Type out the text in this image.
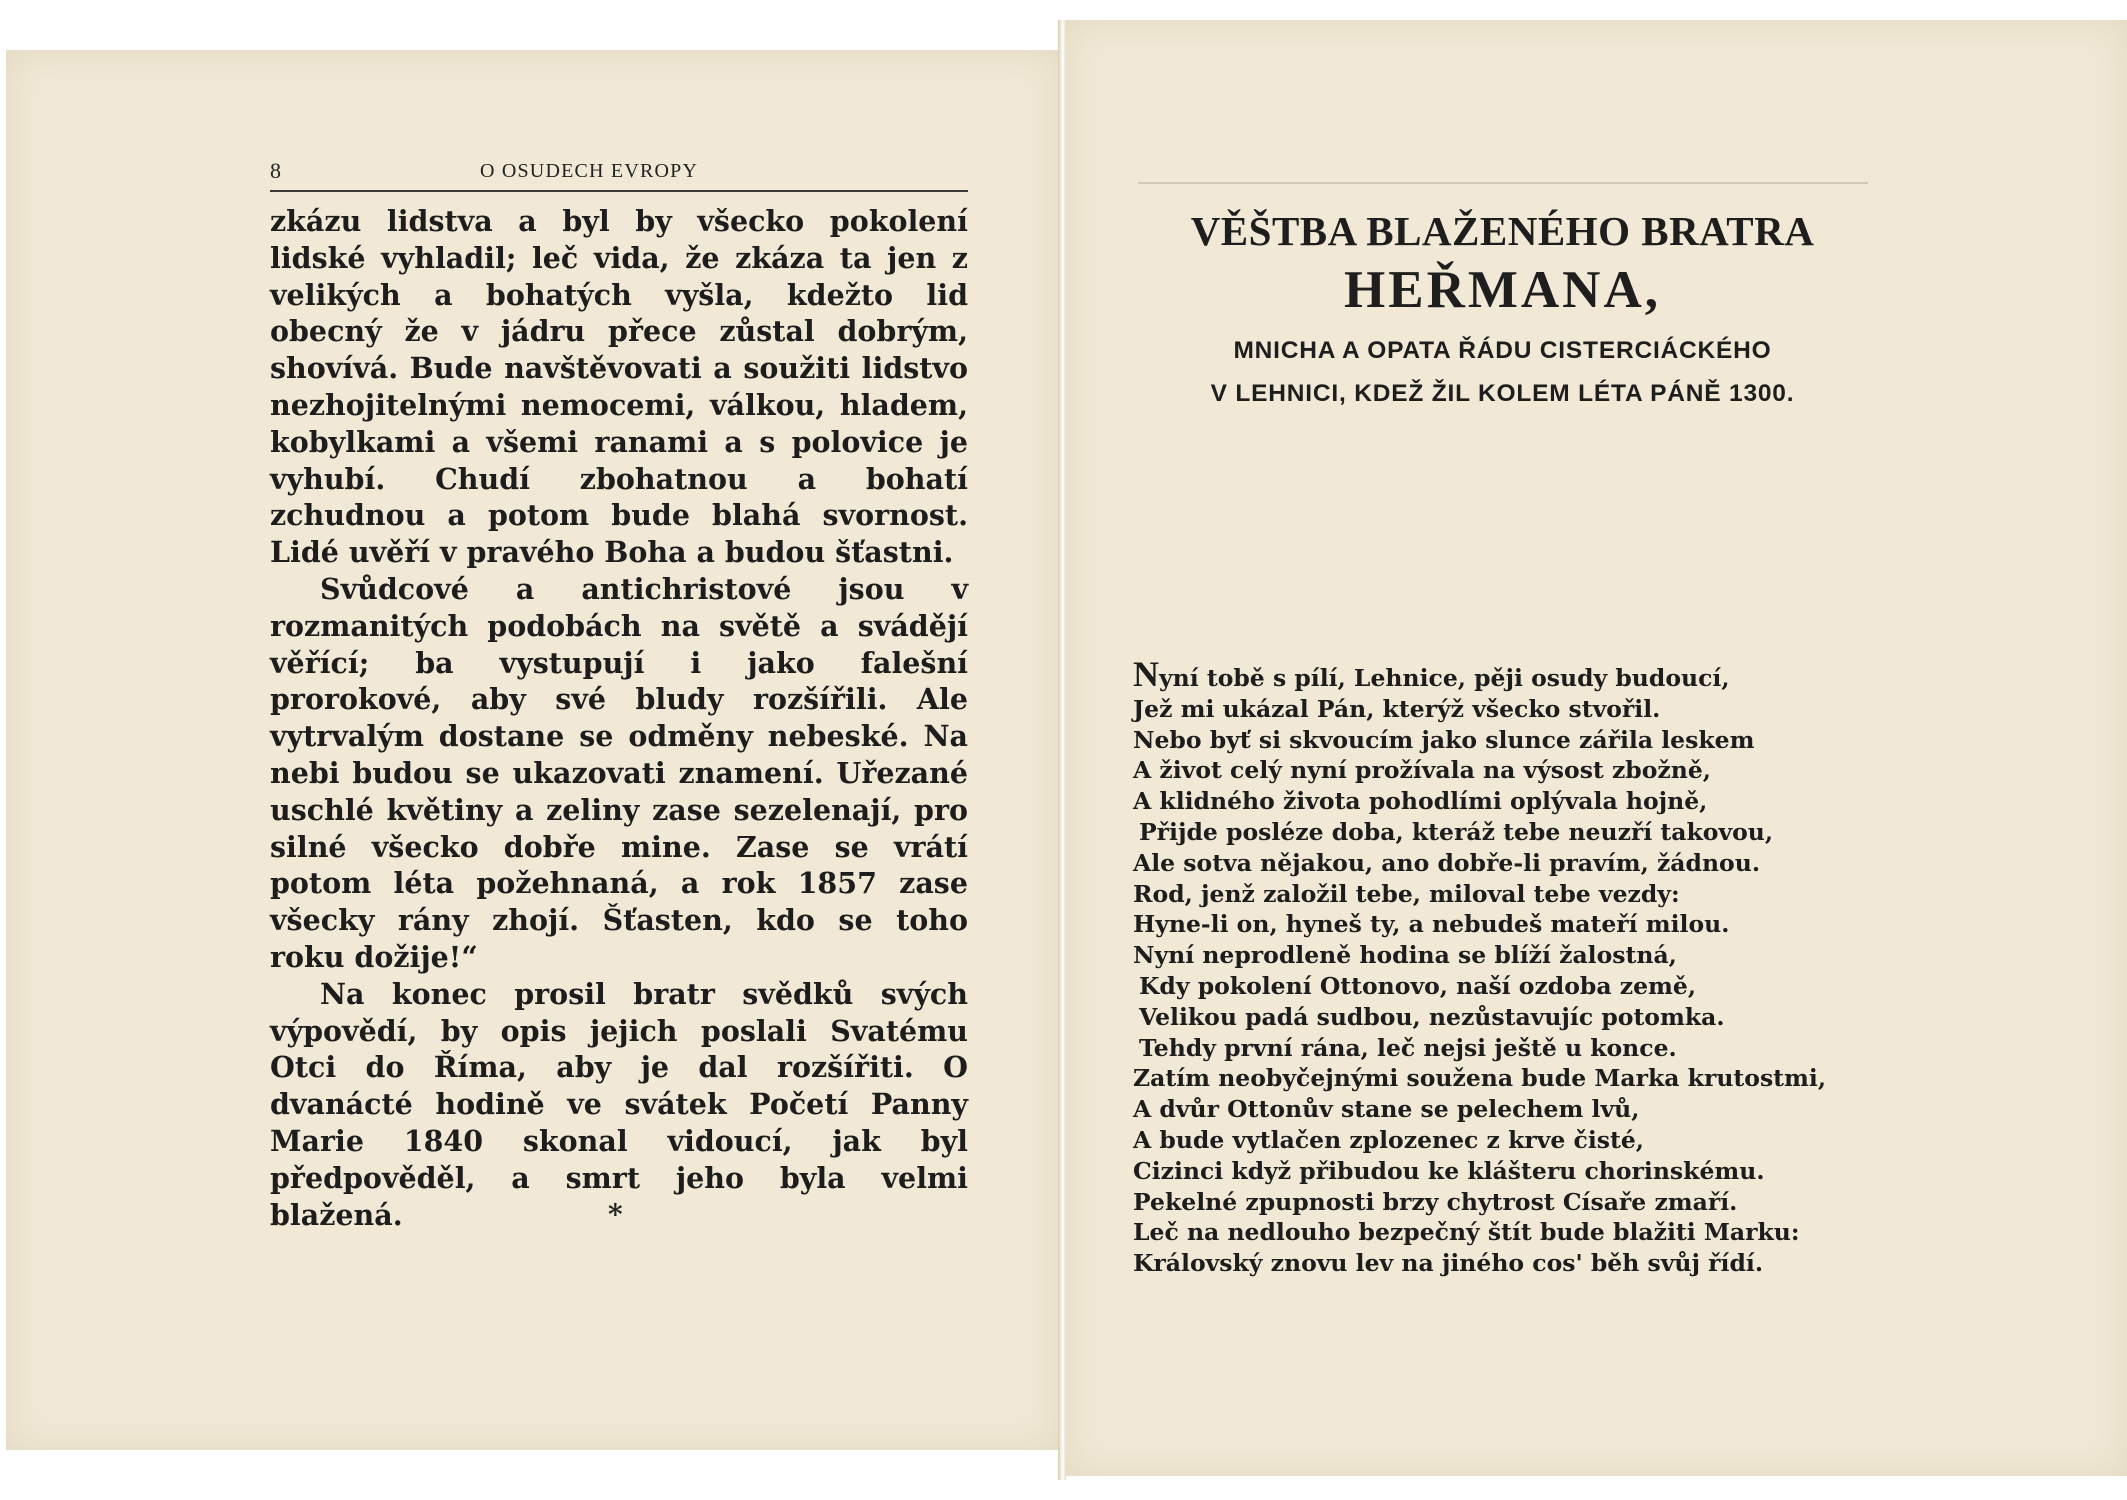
8	O OSUDECH EVROPY

zkázu lidstva a byl by všecko pokolení lidské vyhladil; leč vida, že zkáza ta jen z velikých a bohatých vyšla, kdežto lid obecný že v jádru přece zůstal dobrým, shovívá. Bude navštěvovati a soužiti lidstvo nezhojitelnými nemocemi, válkou, hladem, kobylkami a všemi ranami a s polovice je vyhubí. Chudí zbohatnou a bohatí zchudnou a potom bude blahá svornost. Lidé uvěří v pravého Boha a budou šťastni.

Svůdcové a antichristové jsou v rozmanitých podobách na světě a svádějí věřící; ba vystupují i jako falešní prorokové, aby své bludy rozšířili. Ale vytrvalým dostane se odměny nebeské. Na nebi budou se ukazovati znamení. Uřezané uschlé květiny a zeliny zase sezelenají, pro silné všecko dobře mine. Zase se vrátí potom léta požehnaná, a rok 1857 zase všecky rány zhojí. Šťasten, kdo se toho roku dožije!“

Na konec prosil bratr svědků svých výpovědí, by opis jejich poslali Svatému Otci do Říma, aby je dal rozšířiti. O dvanácté hodině ve svátek Početí Panny Marie 1840 skonal vidoucí, jak byl předpověděl, a smrt jeho byla velmi blažená.	*
VĚŠTBA BLAŽENÉHO BRATRA
HEŘMANA,
MNICHA A OPATA ŘÁDU CISTERCIÁCKÉHO
V LEHNICI, KDEŽ ŽIL KOLEM LÉTA PÁNĚ 1300.
Nyní tobě s pílí, Lehnice, pěji osudy budoucí,
Jež mi ukázal Pán, kterýž všecko stvořil.
Nebo byť si skvoucím jako slunce zářila leskem
A život celý nyní prožívala na výsost zbožně,
A klidného života pohodlími oplývala hojně,
Přijde posléze doba, kteráž tebe neuzří takovou,
Ale sotva nějakou, ano dobře-li pravím, žádnou.
Rod, jenž založil tebe, miloval tebe vezdy:
Hyne-li on, hyneš ty, a nebudeš mateří milou.
Nyní neprodleně hodina se blíží žalostná,
Kdy pokolení Ottonovo, naší ozdoba země,
Velikou padá sudbou, nezůstavujíc potomka.
Tehdy první rána, leč nejsi ještě u konce.
Zatím neobyčejnými soužena bude Marka krutostmi,
A dvůr Ottonův stane se pelechem lvů,
A bude vytlačen zplozenec z krve čisté,
Cizinci když přibudou ke klášteru chorinskému.
Pekelné zpupnosti brzy chytrost Císaře zmaří.
Leč na nedlouho bezpečný štít bude blažiti Marku:
Královský znovu lev na jiného cos' běh svůj řídí.
